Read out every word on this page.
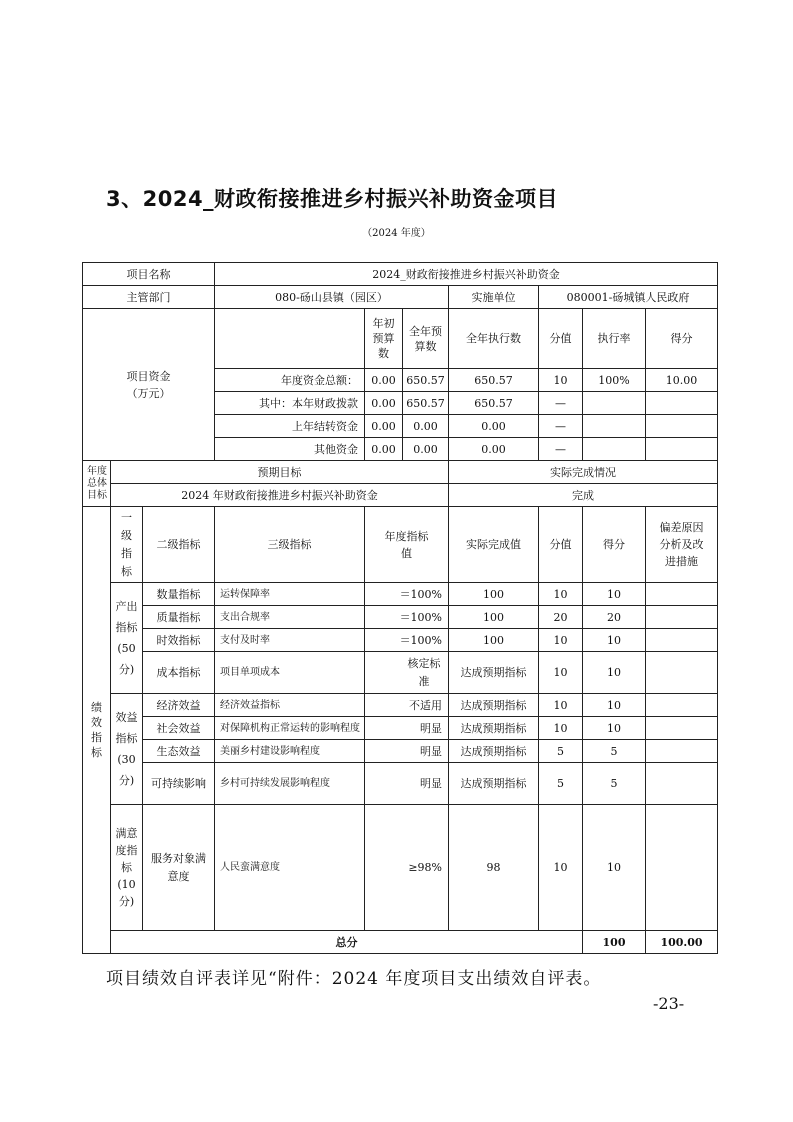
3、2024_财政衔接推进乡村振兴补助资金项目
（2024 年度）
项目名称			2024_财政衔接推进乡村振兴补助资金							
主管部门			080-砀山县镇（园区）			实施单位	080001-砀城镇人民政府			
项目资金（万元）				年初预算数	全年预算数	全年执行数	分值	执行率	得分	
			年度资金总额：	0.00	650.57	650.57	10	100%	10.00	
			其中：本年财政拨款	0.00	650.57	650.57	—			
			上年结转资金	0.00	0.00	0.00	—			
			其他资金	0.00	0.00	0.00	—			
年度总体目标	预期目标					实际完成情况				
	2024 年财政衔接推进乡村振兴补助资金					完成				
绩效指标	一级指标	二级指标	三级指标	年度指标值		实际完成值	分值	得分	偏差原因分析及改进措施	
	产出指标(50分)	数量指标	运转保障率	＝100%		100	10	10		
		质量指标	支出合规率	＝100%		100	20	20		
		时效指标	支付及时率	＝100%		100	10	10		
		成本指标	项目单项成本	核定标准		达成预期指标	10	10		
	效益指标(30分)	经济效益	经济效益指标	不适用		达成预期指标	10	10		
		社会效益	对保障机构正常运转的影响程度	明显		达成预期指标	10	10		
		生态效益	美丽乡村建设影响程度	明显		达成预期指标	5	5		
		可持续影响	乡村可持续发展影响程度	明显		达成预期指标	5	5		
	满意度指标(10分)	服务对象满意度	人民蛮满意度	≥98%		98	10	10		
	总分							100	100.00	
项目绩效自评表详见“附件：2024 年度项目支出绩效自评表。
-23-
